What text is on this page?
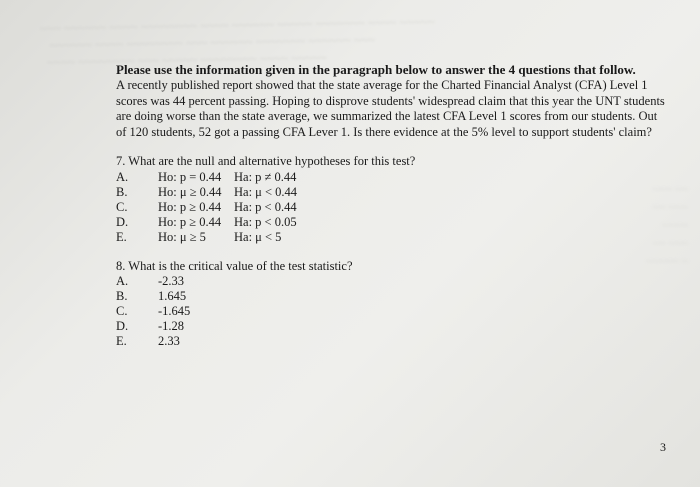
~~~ ~~~~~~ ~~~~ ~~~~~~~~ ~~~~ ~~~~~~ ~~~~~ ~~~~~~~ ~~~~ ~~~~~
~~~~~~ ~~~~ ~~~~~~~~ ~~~ ~~~~~~ ~~~~~~~ ~~~~~~ ~~~
~~~~ ~~~~~~~~ ~~~ ~~~~~ ~~~~~~~~ ~~~~ ~~~~~
~~~ ~~
~~ ~~~
~~~~
~~ ~~~
~~~~~ ~

Please use the information given in the paragraph below to answer the 4 questions that follow.

A recently published report showed that the state average for the Charted Financial Analyst (CFA) Level 1 scores was 44 percent passing. Hoping to disprove students' widespread claim that this year the UNT students are doing worse than the state average, we summarized the latest CFA Level 1 scores from our students. Out of 120 students, 52 got a passing CFA Lever 1. Is there evidence at the 5% level to support students' claim?

7. What are the null and alternative hypotheses for this test?

A.	Ho: p = 0.44	Ha: p ≠ 0.44
B.	Ho: μ ≥ 0.44 Ha: μ < 0.44
C.	Ho: p ≥ 0.44	Ha: p < 0.44
D.	Ho: p ≥ 0.44	Ha: p < 0.05
E.	Ho: μ ≥ 5	Ha: μ < 5

8. What is the critical value of the test statistic?

A.	-2.33
B.	1.645
C.	-1.645
D.	-1.28
E.	2.33
3
